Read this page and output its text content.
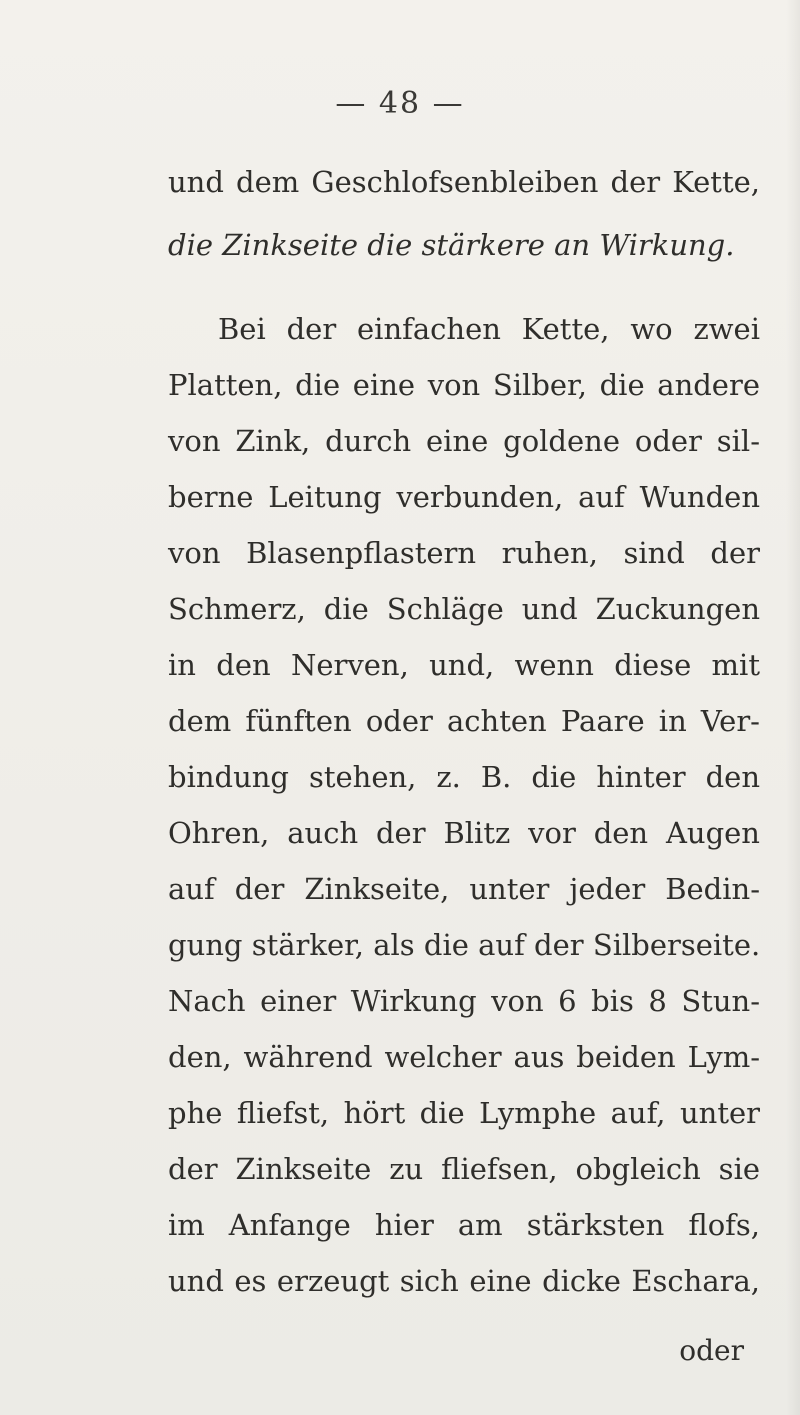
— 48 —
und dem Geschlofsenbleiben der Kette,
die Zinkseite die stärkere an Wirkung.
Bei der einfachen Kette, wo zwei
Platten, die eine von Silber, die andere
von Zink, durch eine goldene oder sil-
berne Leitung verbunden, auf Wunden
von Blasenpflastern ruhen, sind der
Schmerz, die Schläge und Zuckungen
in den Nerven, und, wenn diese mit
dem fünften oder achten Paare in Ver-
bindung stehen, z. B. die hinter den
Ohren, auch der Blitz vor den Augen
auf der Zinkseite, unter jeder Bedin-
gung stärker, als die auf der Silberseite.
Nach einer Wirkung von 6 bis 8 Stun-
den, während welcher aus beiden Lym-
phe fliefst, hört die Lymphe auf, unter
der Zinkseite zu fliefsen, obgleich sie
im Anfange hier am stärksten flofs,
und es erzeugt sich eine dicke Eschara,
oder
